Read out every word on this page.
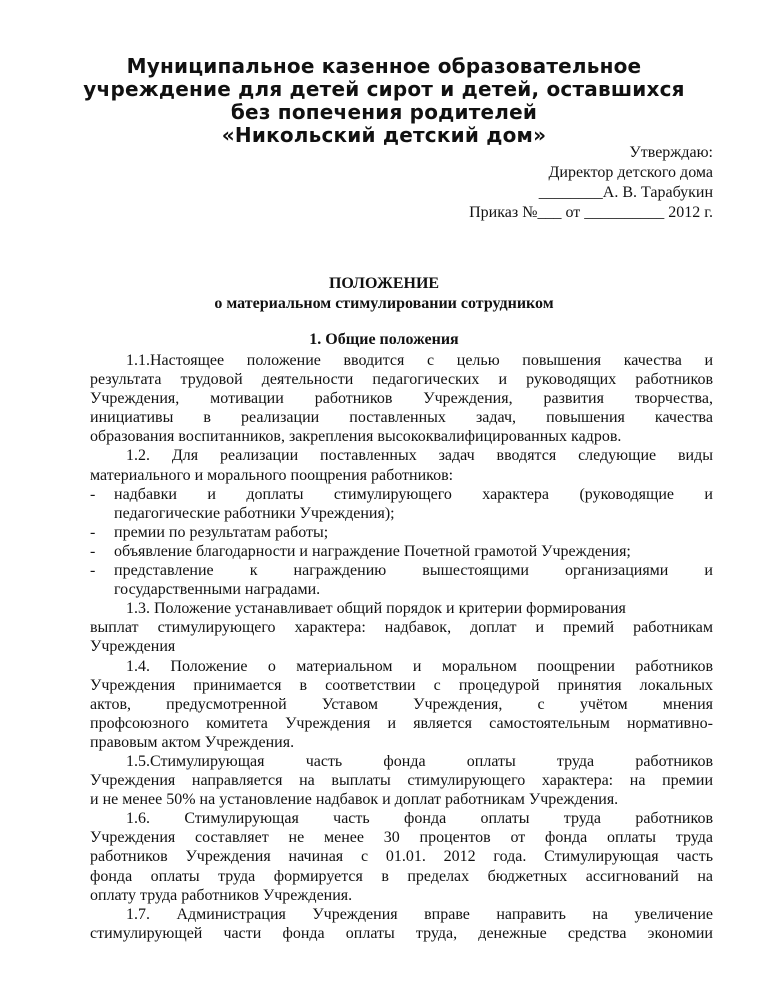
Муниципальное казенное образовательное
учреждение для детей сирот и детей, оставшихся
без попечения родителей
«Никольский детский дом»
Утверждаю:
Директор детского дома
________А. В. Тарабукин
Приказ №___ от __________ 2012 г.
ПОЛОЖЕНИЕ
о материальном стимулировании сотрудником
1. Общие положения
1.1.Настоящее положение вводится с целью повышения качества и
результата трудовой деятельности педагогических и руководящих работников
Учреждения, мотивации работников Учреждения, развития творчества,
инициативы в реализации поставленных задач, повышения качества
образования воспитанников, закрепления высококвалифицированных кадров.
1.2. Для реализации поставленных задач вводятся следующие виды
материального и морального поощрения работников:
-	надбавки и доплаты стимулирующего характера (руководящие и
педагогические работники Учреждения);
-	премии по результатам работы;
-	объявление благодарности и награждение Почетной грамотой Учреждения;
-	представление к награждению вышестоящими организациями и
государственными наградами.
1.3. Положение устанавливает общий порядок и критерии формирования
выплат стимулирующего характера: надбавок, доплат и премий работникам
Учреждения
1.4. Положение о материальном и моральном поощрении работников
Учреждения принимается в соответствии с процедурой принятия локальных
актов, предусмотренной Уставом Учреждения, с учётом мнения
профсоюзного комитета Учреждения и является самостоятельным нормативно-
правовым актом Учреждения.
1.5.Стимулирующая часть фонда оплаты труда работников
Учреждения направляется на выплаты стимулирующего характера: на премии
и не менее 50% на установление надбавок и доплат работникам Учреждения.
1.6. Стимулирующая часть фонда оплаты труда работников
Учреждения составляет не менее 30 процентов от фонда оплаты труда
работников Учреждения начиная с 01.01. 2012 года. Стимулирующая часть
фонда оплаты труда формируется в пределах бюджетных ассигнований на
оплату труда работников Учреждения.
1.7. Администрация Учреждения вправе направить на увеличение
стимулирующей части фонда оплаты труда, денежные средства экономии
